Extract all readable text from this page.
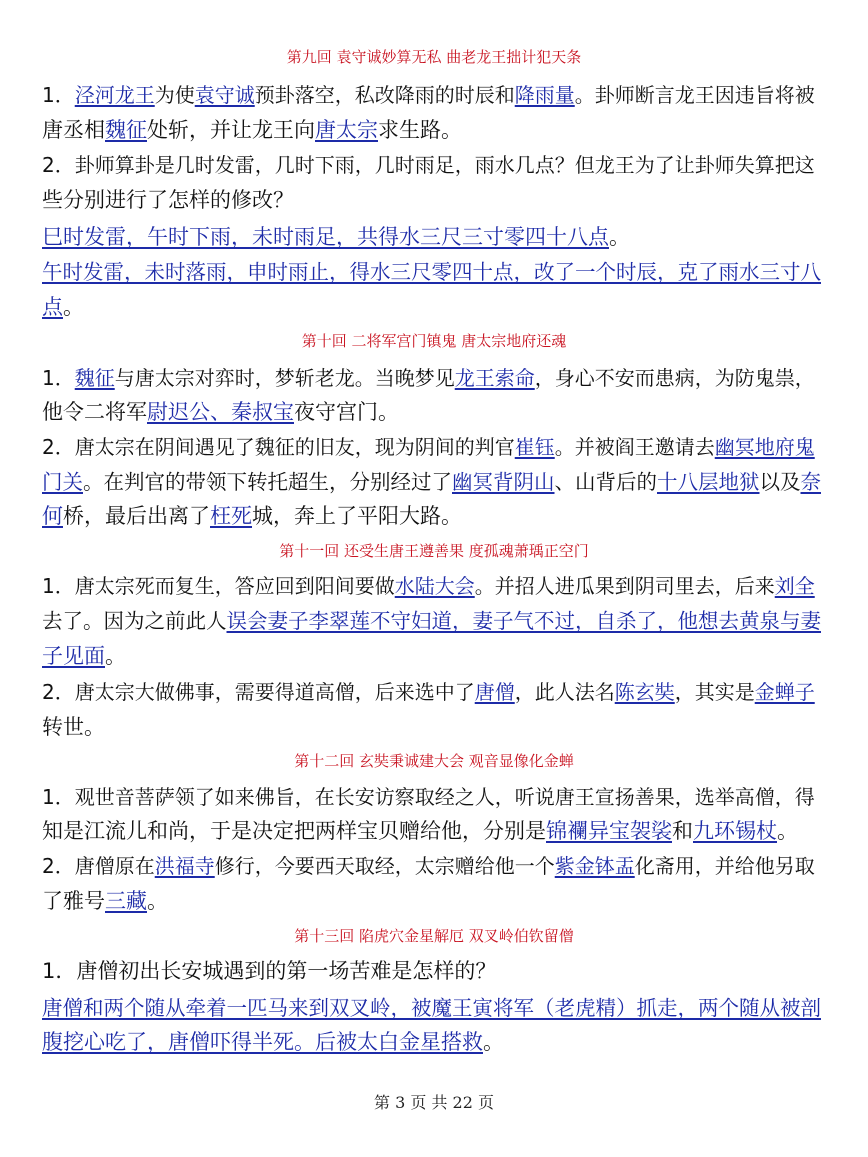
第九回 袁守诚妙算无私 曲老龙王拙计犯天条
1．泾河龙王为使袁守诚预卦落空，私改降雨的时辰和降雨量。卦师断言龙王因违旨将被
唐丞相魏征处斩，并让龙王向唐太宗求生路。
2．卦师算卦是几时发雷，几时下雨，几时雨足，雨水几点？但龙王为了让卦师失算把这
些分别进行了怎样的修改？
巳时发雷，午时下雨，未时雨足，共得水三尺三寸零四十八点。
午时发雷，未时落雨，申时雨止，得水三尺零四十点，改了一个时辰，克了雨水三寸八
点。
第十回 二将军宫门镇鬼 唐太宗地府还魂
1．魏征与唐太宗对弈时，梦斩老龙。当晚梦见龙王索命，身心不安而患病，为防鬼祟，
他令二将军尉迟公、秦叔宝夜守宫门。
2．唐太宗在阴间遇见了魏征的旧友，现为阴间的判官崔钰。并被阎王邀请去幽冥地府鬼
门关。在判官的带领下转托超生，分别经过了幽冥背阴山、山背后的十八层地狱以及奈
何桥，最后出离了枉死城，奔上了平阳大路。
第十一回 还受生唐王遵善果 度孤魂萧瑀正空门
1．唐太宗死而复生，答应回到阳间要做水陆大会。并招人进瓜果到阴司里去，后来刘全
去了。因为之前此人误会妻子李翠莲不守妇道，妻子气不过，自杀了，他想去黄泉与妻
子见面。
2．唐太宗大做佛事，需要得道高僧，后来选中了唐僧，此人法名陈玄奘，其实是金蝉子
转世。
第十二回 玄奘秉诚建大会 观音显像化金蝉
1．观世音菩萨领了如来佛旨，在长安访察取经之人，听说唐王宣扬善果，选举高僧，得
知是江流儿和尚，于是决定把两样宝贝赠给他，分别是锦襴异宝袈裟和九环锡杖。
2．唐僧原在洪福寺修行，今要西天取经，太宗赠给他一个紫金钵盂化斋用，并给他另取
了雅号三藏。
第十三回 陷虎穴金星解厄 双叉岭伯钦留僧
1．唐僧初出长安城遇到的第一场苦难是怎样的？
唐僧和两个随从牵着一匹马来到双叉岭，被魔王寅将军（老虎精）抓走，两个随从被剖
腹挖心吃了，唐僧吓得半死。后被太白金星搭救。
第 3 页 共 22 页
